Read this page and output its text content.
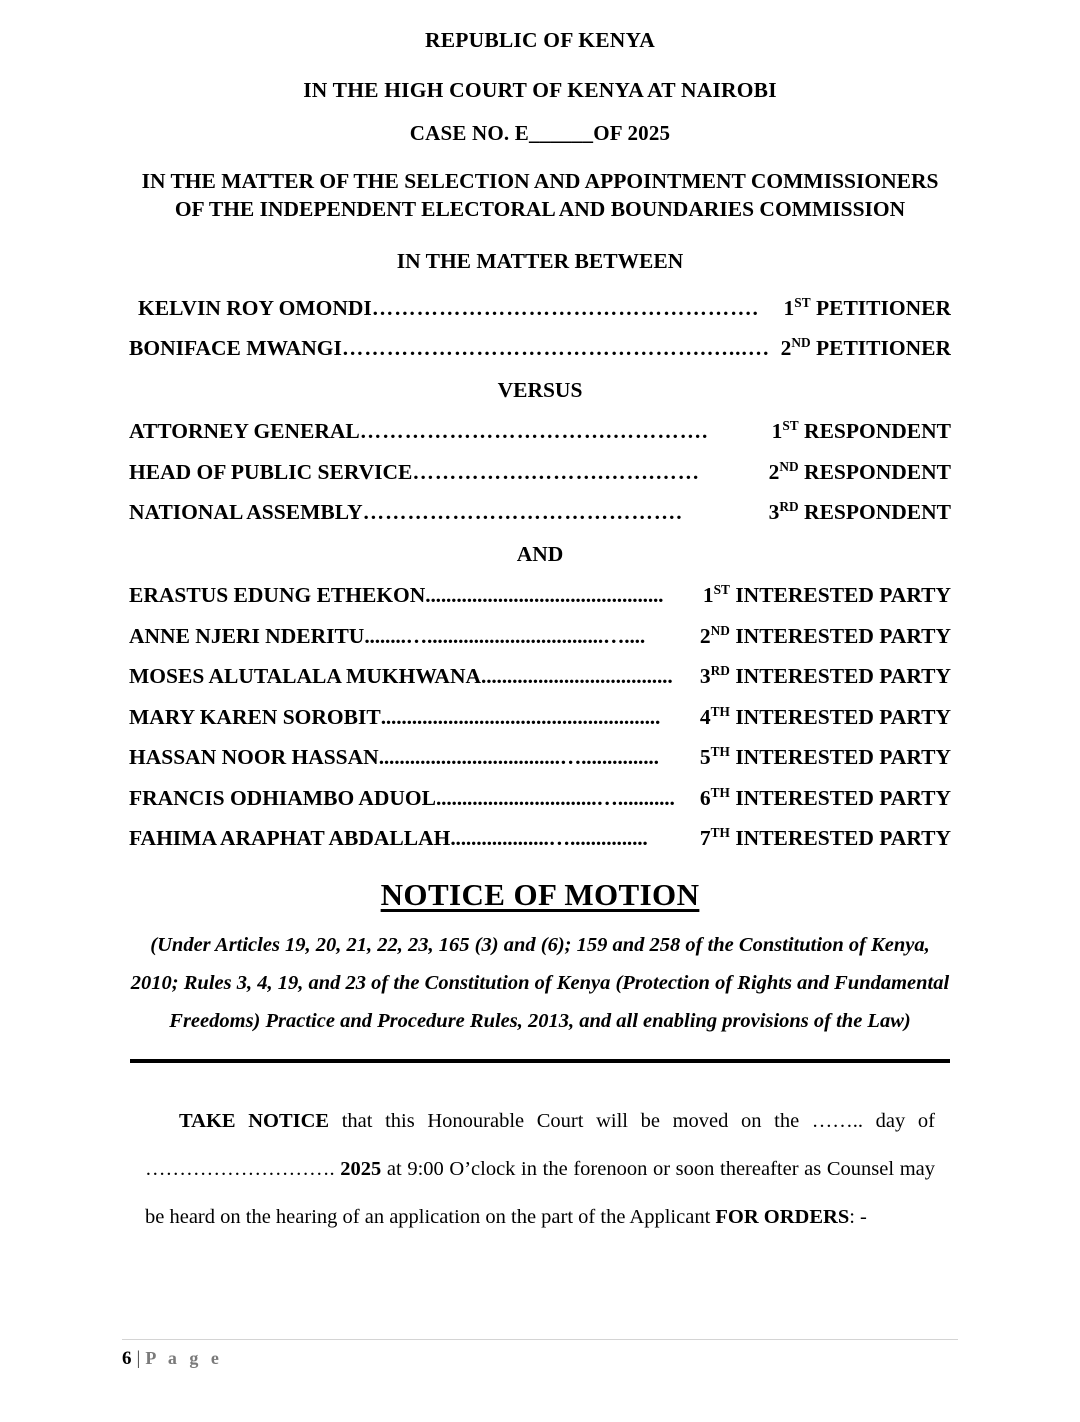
REPUBLIC OF KENYA
IN THE HIGH COURT OF KENYA AT NAIROBI
CASE NO. E______OF 2025
IN THE MATTER OF THE SELECTION AND APPOINTMENT COMMISSIONERS OF THE INDEPENDENT ELECTORAL AND BOUNDARIES COMMISSION
IN THE MATTER BETWEEN
KELVIN ROY OMONDI …………………………………………….	1ST PETITIONER
BONIFACE MWANGI ………………………………………….…...… 2ND PETITIONER
VERSUS
ATTORNEY GENERAL …………………………….………….	1ST RESPONDENT
HEAD OF PUBLIC SERVICE …………….……….…….……	2ND RESPONDENT
NATIONAL ASSEMBLY …………………………………….	3RD RESPONDENT
AND
ERASTUS EDUNG ETHEKON ..............................................	1ST INTERESTED PARTY
ANNE NJERI NDERITU ........…..................................…....	2ND INTERESTED PARTY
MOSES ALUTALALA MUKHWANA .....................................	3RD INTERESTED PARTY
MARY KAREN SOROBIT ......................................................	4TH INTERESTED PARTY
HASSAN NOOR HASSAN ...................................…...............	5TH INTERESTED PARTY
FRANCIS ODHIAMBO ADUOL ...............................…...........	6TH INTERESTED PARTY
FAHIMA ARAPHAT ABDALLAH ...................…...............	7TH INTERESTED PARTY
NOTICE OF MOTION
(Under Articles 19, 20, 21, 22, 23, 165 (3) and (6); 159 and 258 of the Constitution of Kenya, 2010; Rules 3, 4, 19, and 23 of the Constitution of Kenya (Protection of Rights and Fundamental Freedoms) Practice and Procedure Rules, 2013, and all enabling provisions of the Law)
TAKE NOTICE that this Honourable Court will be moved on the …….. day of ………………………. 2025 at 9:00 O’clock in the forenoon or soon thereafter as Counsel may be heard on the hearing of an application on the part of the Applicant FOR ORDERS: -
6 | P a g e
